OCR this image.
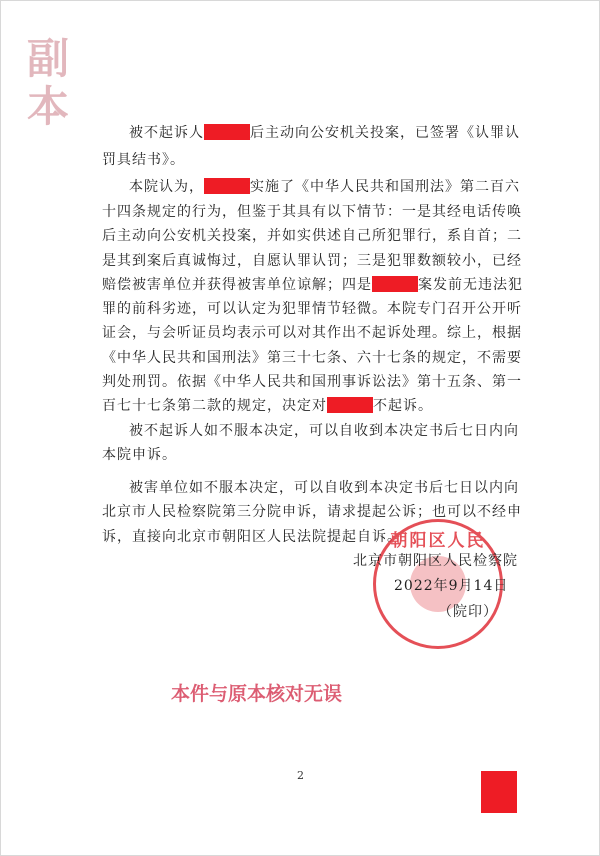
副
本
被不起诉人	后主动向公安机关投案，已签署《认罪认
罚具结书》。
本院认为，	实施了《中华人民共和国刑法》第二百六
十四条规定的行为，但鉴于其具有以下情节：一是其经电话传唤
后主动向公安机关投案，并如实供述自己所犯罪行，系自首；二
是其到案后真诚悔过，自愿认罪认罚；三是犯罪数额较小，已经
赔偿被害单位并获得被害单位谅解；四是	案发前无违法犯
罪的前科劣迹，可以认定为犯罪情节轻微。本院专门召开公开听
证会，与会听证员均表示可以对其作出不起诉处理。综上，根据
《中华人民共和国刑法》第三十七条、六十七条的规定，不需要
判处刑罚。依据《中华人民共和国刑事诉讼法》第十五条、第一
百七十七条第二款的规定，决定对	不起诉。
被不起诉人如不服本决定，可以自收到本决定书后七日内向
本院申诉。
被害单位如不服本决定，可以自收到本决定书后七日以内向
北京市人民检察院第三分院申诉，请求提起公诉；也可以不经申
诉，直接向北京市朝阳区人民法院提起自诉。
朝阳区人民
北京市朝阳区人民检察院
2022年9月14日
（院印）
本件与原本核对无误
2
